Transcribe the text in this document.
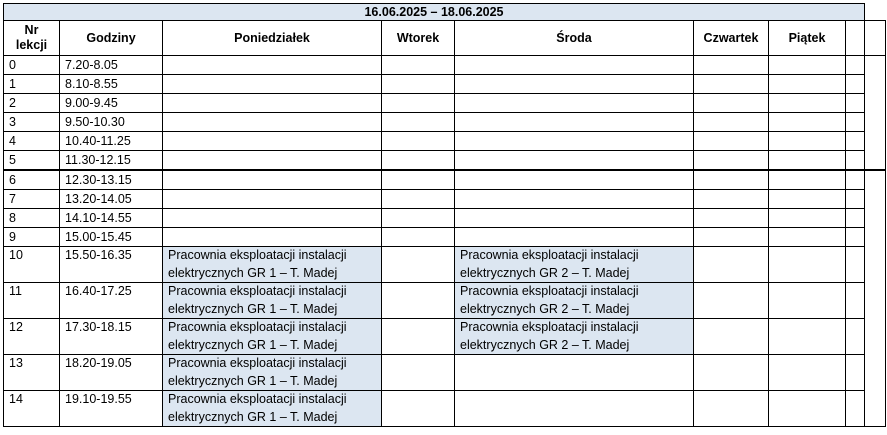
16.06.2025 – 18.06.2025								
Nr lekcji	Godziny	Poniedziałek	Wtorek	Środa	Czwartek	Piątek		
0	7.20-8.05							
1	8.10-8.55							
2	9.00-9.45							
3	9.50-10.30							
4	10.40-11.25							
5	11.30-12.15							
6	12.30-13.15							
7	13.20-14.05							
8	14.10-14.55							
9	15.00-15.45							
10	15.50-16.35	Pracownia eksploatacji instalacji elektrycznych GR 1 – T. Madej		Pracownia eksploatacji instalacji elektrycznych GR 2 – T. Madej				
11	16.40-17.25	Pracownia eksploatacji instalacji elektrycznych GR 1 – T. Madej		Pracownia eksploatacji instalacji elektrycznych GR 2 – T. Madej				
12	17.30-18.15	Pracownia eksploatacji instalacji elektrycznych GR 1 – T. Madej		Pracownia eksploatacji instalacji elektrycznych GR 2 – T. Madej				
13	18.20-19.05	Pracownia eksploatacji instalacji elektrycznych GR 1 – T. Madej						
14	19.10-19.55	Pracownia eksploatacji instalacji elektrycznych GR 1 – T. Madej						
